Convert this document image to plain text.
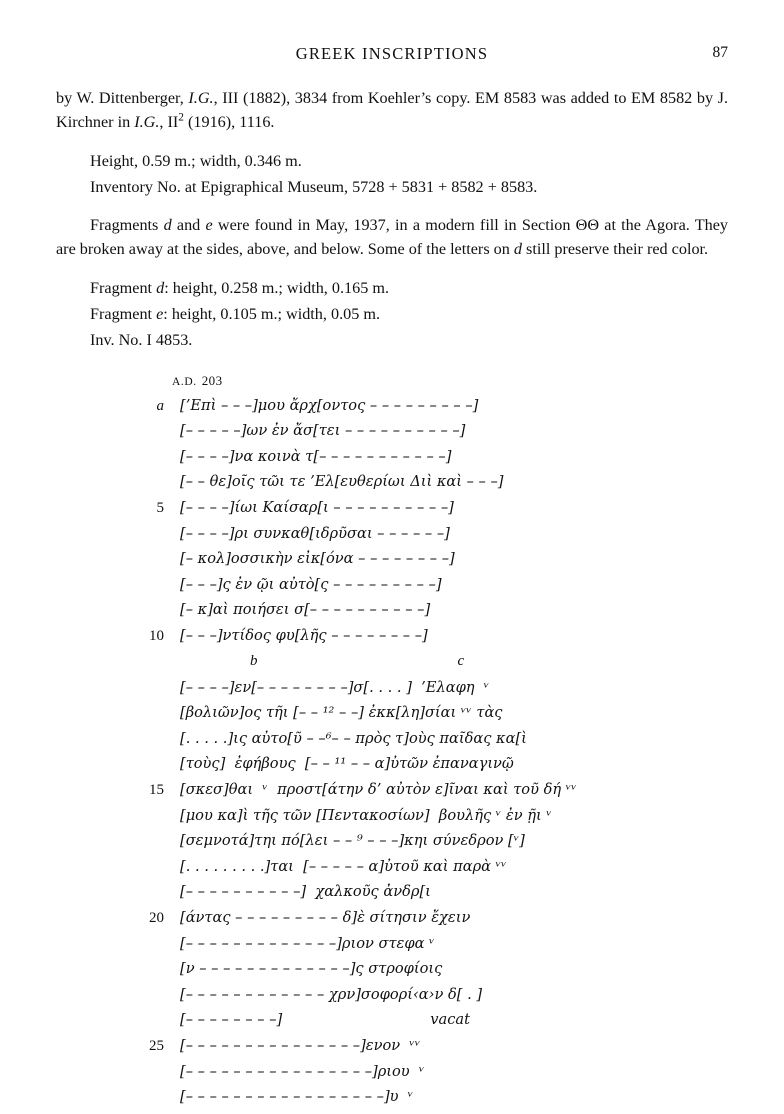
GREEK INSCRIPTIONS	87

by W. Dittenberger, I.G., III (1882), 3834 from Koehler’s copy. EM 8583 was added to EM 8582 by J. Kirchner in I.G., $II^2$ (1916), 1116.

Height, 0.59 m.; width, 0.346 m.

Inventory No. at Epigraphical Museum, 5728 + 5831 + 8582 + 8583.

Fragments d and e were found in May, 1937, in a modern fill in Section ΘΘ at the Agora. They are broken away at the sides, above, and below. Some of the letters on d still preserve their red color.

Fragment d: height, 0.258 m.; width, 0.165 m.

Fragment e: height, 0.105 m.; width, 0.05 m.

Inv. No. I 4853.

A.D. 203
a	[’Επὶ – – –]μου ἄρχ[οντος – – – – – – – – –]
[– – – – –]ων ἐν ἄσ[τει – – – – – – – – – –]
[– – – –]να κοινὰ τ[– – – – – – – – – – –]
[– – θε]οῖς τῶι τε ’Ελ[ευθερίωι Διὶ καὶ – – –]
5	[– – – –]ίωι Καίσαρ[ι – – – – – – – – – –]
[– – – –]ρι συνκαθ[ιδρῦσαι – – – – – –]
[– κολ]οσσικὴν εἰκ[όνα – – – – – – – –]
[– – –]ς ἐν ῷι αὐτὸ[ς – – – – – – – – –]
[– κ]αὶ ποιήσει σ[– – – – – – – – – –]
10	[– – –]ντίδος φυ[λῆς – – – – – – – –]
b	c
[– – – –]εν[– – – – – – – –]σ[. . . . ]  ’Ελαφη  ᵛ
[βολιῶν]ος τῆι [– – ¹² – –] ἐκκ[λη]σίαι ᵛᵛ τὰς
[. . . . .]ις αὐτο[ῦ – –⁶– – πρὸς τ]οὺς παῖδας κα[ὶ
[τοὺς]  ἐφήβους  [– – ¹¹ – – α]ὐτῶν ἐπαναγινῷ
15	[σκεσ]θαι  ᵛ  προστ[άτην δ’ αὐτὸν ε]ῖναι καὶ τοῦ δή ᵛᵛ
[μου κα]ὶ τῆς τῶν [Πεντακοσίων]  βουλῆς ᵛ ἐν ῇι ᵛ
[σεμνοτά]τηι πό[λει – – ⁹ – – –]κηι σύνεδρον [ᵛ]
[. . . . . . . . .]ται  [– – – – – α]ὐτοῦ καὶ παρὰ ᵛᵛ
[– – – – – – – – – –]  χαλκοῦς ἀνδρ[ι
20	[άντας – – – – – – – – – δ]ὲ σίτησιν ἔχειν
[– – – – – – – – – – – – –]ριον στεφα ᵛ
[ν – – – – – – – – – – – – –]ς στροφίοις
[– – – – – – – – – – – – χρν]σοφορί‹α›ν δ[ . ]
[– – – – – – – –]	vacat
25	[– – – – – – – – – – – – – – –]ενον  ᵛᵛ
[– – – – – – – – – – – – – – – –]ριου  ᵛ
[– – – – – – – – – – – – – – – – –]υ  ᵛ
